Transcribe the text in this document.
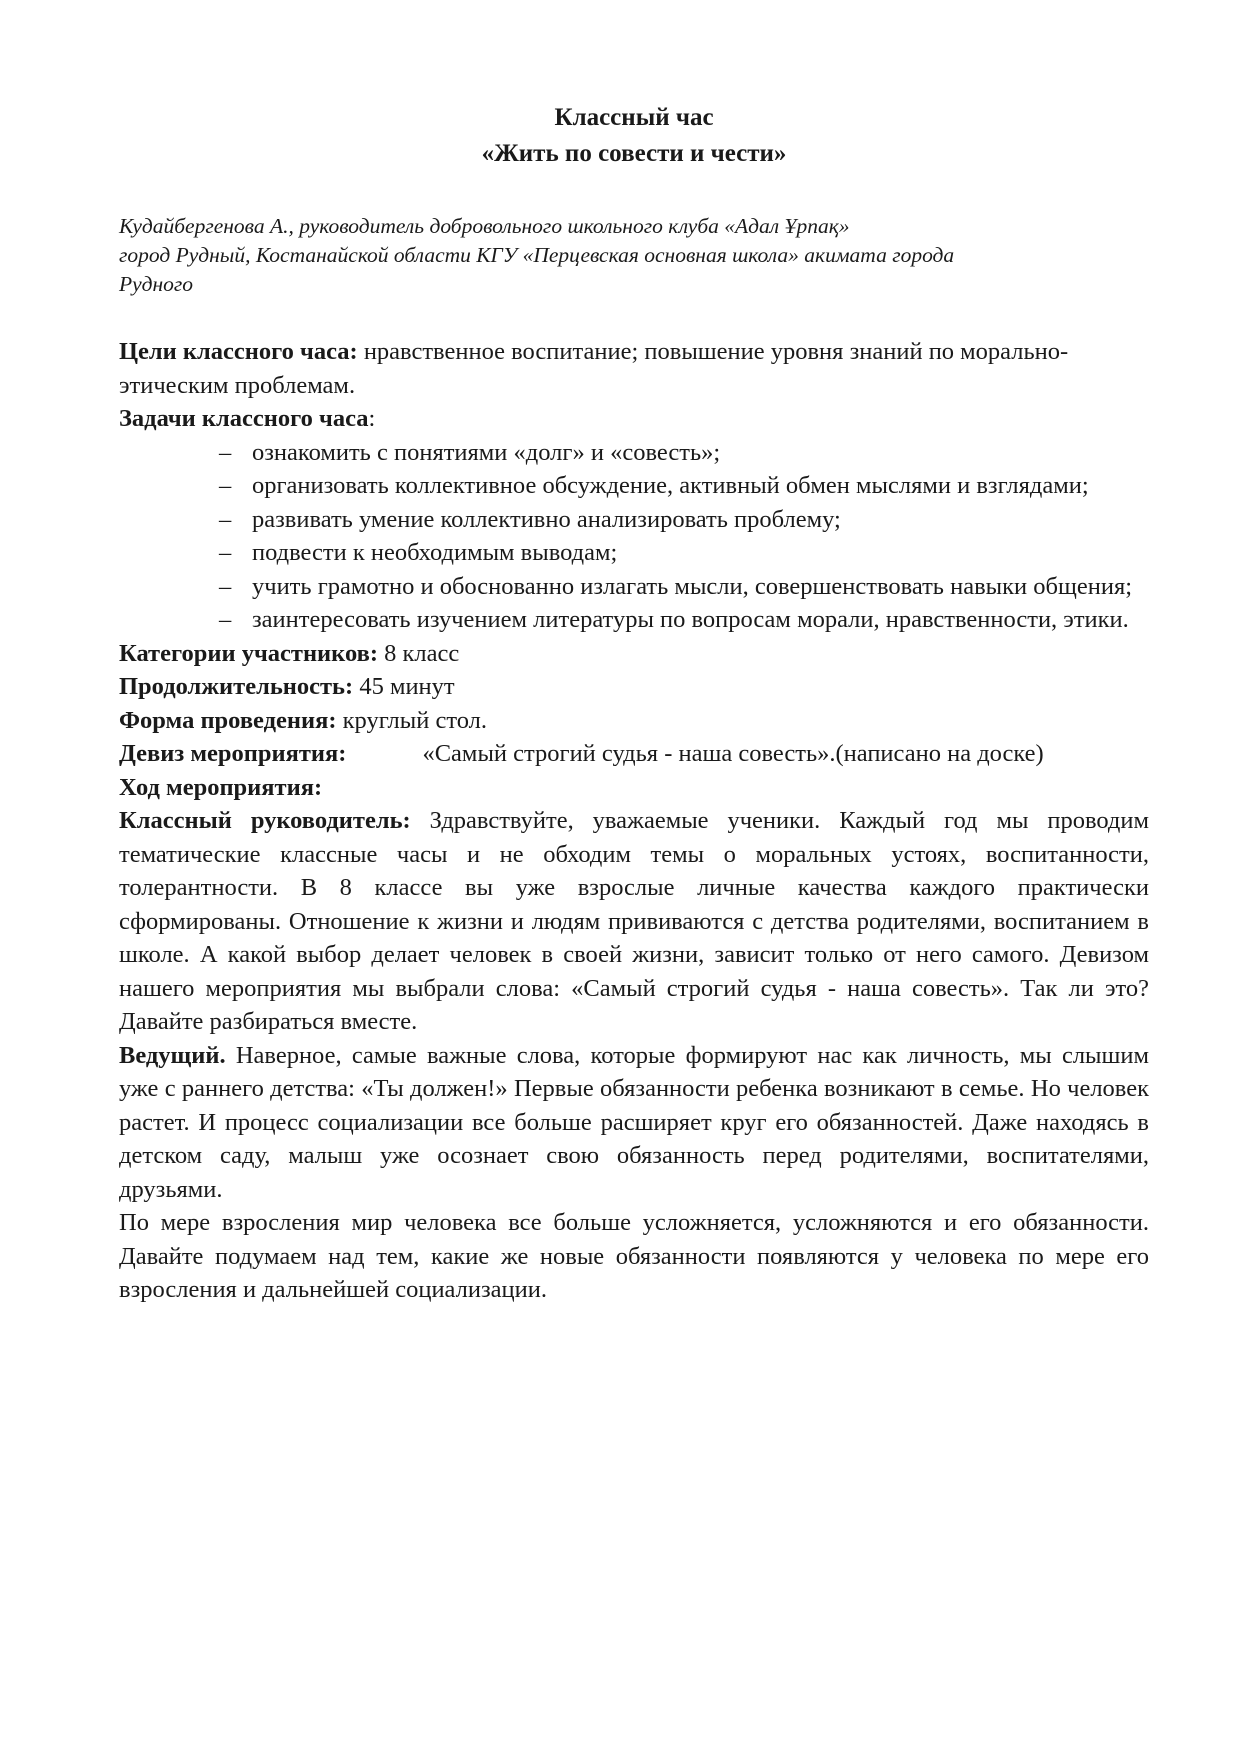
Классный час
«Жить по совести и чести»

Кудайбергенова А., руководитель добровольного школьного клуба «Адал Ұрпақ»
город Рудный, Костанайской области КГУ «Перцевская основная школа» акимата города
Рудного

Цели классного часа: нравственное воспитание; повышение уровня знаний по морально-этическим проблемам.

Задачи классного часа:

– ознакомить с понятиями «долг» и «совесть»;
– организовать коллективное обсуждение, активный обмен мыслями и взглядами;
– развивать умение коллективно анализировать проблему;
– подвести к необходимым выводам;
– учить грамотно и обоснованно излагать мысли, совершенствовать навыки общения;
– заинтересовать изучением литературы по вопросам морали, нравственности, этики.

Категории участников: 8 класс

Продолжительность: 45 минут

Форма проведения: круглый стол.

Девиз мероприятия:	«Самый строгий судья - наша совесть».(написано на доске)

Ход мероприятия:

Классный руководитель: Здравствуйте, уважаемые ученики. Каждый год мы проводим тематические классные часы и не обходим темы о моральных устоях, воспитанности, толерантности. В 8 классе вы уже взрослые личные качества каждого практически сформированы. Отношение к жизни и людям прививаются с детства родителями, воспитанием в школе. А какой выбор делает человек в своей жизни, зависит только от него самого. Девизом нашего мероприятия мы выбрали слова: «Самый строгий судья - наша совесть». Так ли это? Давайте разбираться вместе.

Ведущий. Наверное, самые важные слова, которые формируют нас как личность, мы слышим уже с раннего детства: «Ты должен!» Первые обязанности ребенка возникают в семье. Но человек растет. И процесс социализации все больше расширяет круг его обязанностей. Даже находясь в детском саду, малыш уже осознает свою обязанность перед родителями, воспитателями, друзьями.

По мере взросления мир человека все больше усложняется, усложняются и его обязанности. Давайте подумаем над тем, какие же новые обязанности появляются у человека по мере его взросления и дальнейшей социализации.
